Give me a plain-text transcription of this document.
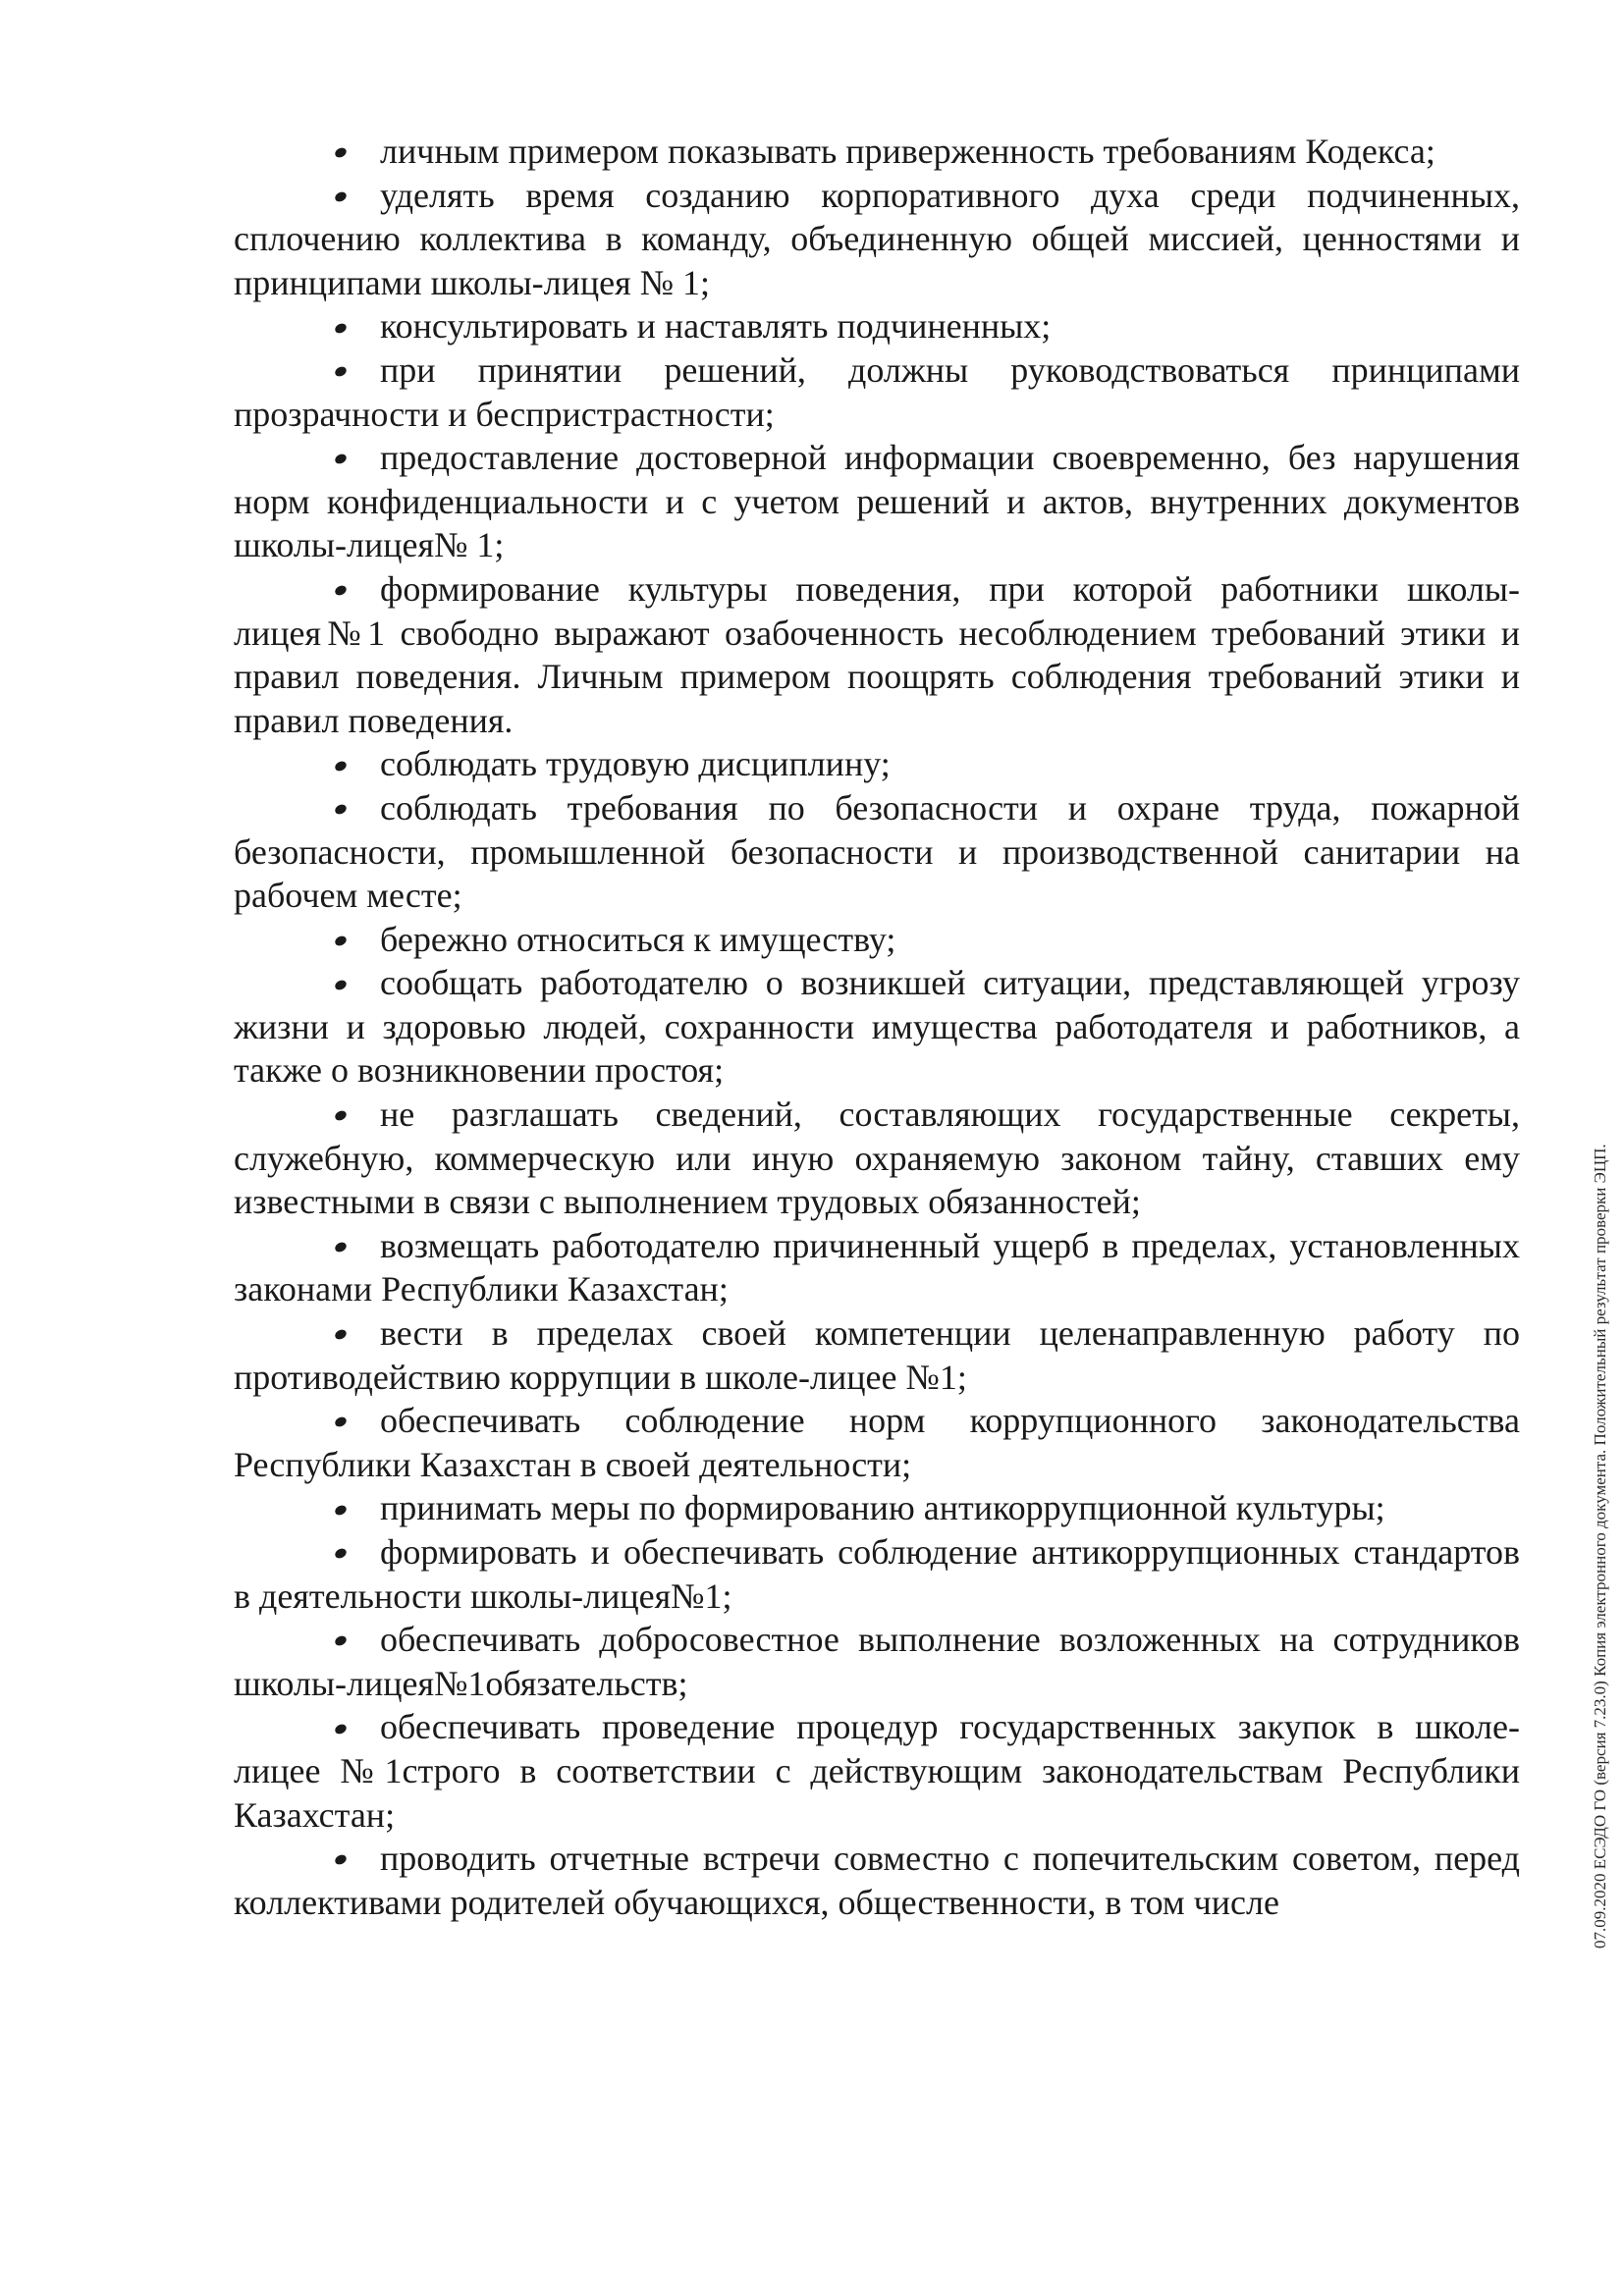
личным примером показывать приверженность требованиям Кодекса;

уделять время созданию корпоративного духа среди подчиненных, сплочению коллектива в команду, объединенную общей миссией, ценностями и принципами школы-лицея № 1;

консультировать и наставлять подчиненных;

при принятии решений, должны руководствоваться принципами прозрачности и беспристрастности;

предоставление достоверной информации своевременно, без нарушения норм конфиденциальности и с учетом решений и актов, внутренних документов школы-лицея№ 1;

формирование культуры поведения, при которой работники школы-лицея№1 свободно выражают озабоченность несоблюдением требований этики и правил поведения. Личным примером поощрять соблюдения требований этики и правил поведения.

соблюдать трудовую дисциплину;

соблюдать требования по безопасности и охране труда, пожарной безопасности, промышленной безопасности и производственной санитарии на рабочем месте;

бережно относиться к имуществу;

сообщать работодателю о возникшей ситуации, представляющей угрозу жизни и здоровью людей, сохранности имущества работодателя и работников, а также о возникновении простоя;

не разглашать сведений, составляющих государственные секреты, служебную, коммерческую или иную охраняемую законом тайну, ставших ему известными в связи с выполнением трудовых обязанностей;

возмещать работодателю причиненный ущерб в пределах, установленных законами Республики Казахстан;

вести в пределах своей компетенции целенаправленную работу по противодействию коррупции в школе-лицее №1;

обеспечивать соблюдение норм коррупционного законодательства Республики Казахстан в своей деятельности;

принимать меры по формированию антикоррупционной культуры;

формировать и обеспечивать соблюдение антикоррупционных стандартов в деятельности школы-лицея№1;

обеспечивать добросовестное выполнение возложенных на сотрудников школы-лицея№1обязательств;

обеспечивать проведение процедур государственных закупок в школе-лицее №1строго в соответствии с действующим законодательствам Республики Казахстан;

проводить отчетные встречи совместно с попечительским советом, перед коллективами родителей обучающихся, общественности, в том числе	07.09.2020 ЕСЭДО ГО (версия 7.23.0) Копия электронного документа. Положительный результат проверки ЭЦП.
